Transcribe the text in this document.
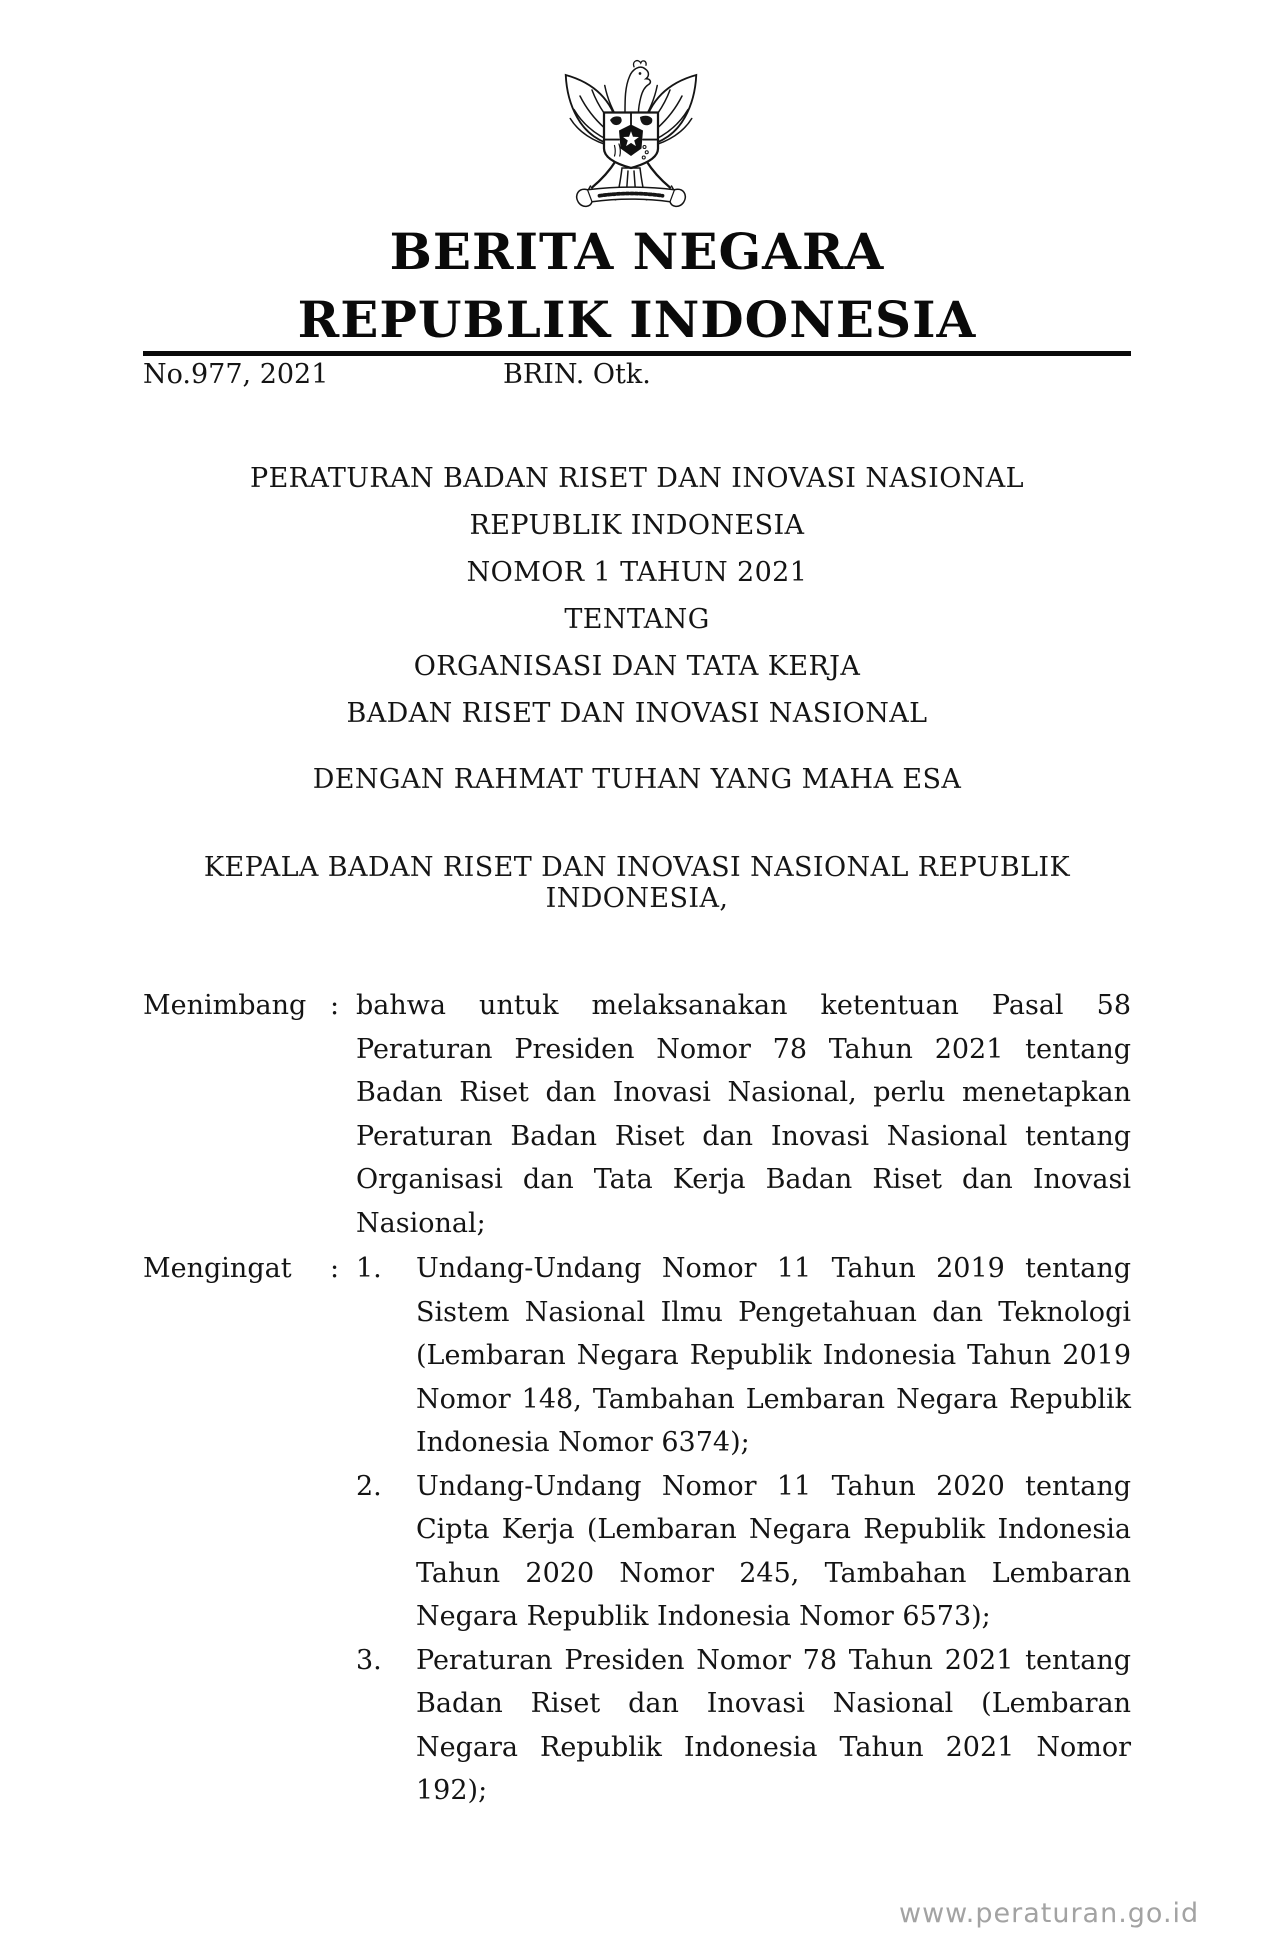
BERITA NEGARA
REPUBLIK INDONESIA
No.977, 2021	BRIN. Otk.
PERATURAN BADAN RISET DAN INOVASI NASIONAL
REPUBLIK INDONESIA
NOMOR 1 TAHUN 2021
TENTANG
ORGANISASI DAN TATA KERJA
BADAN RISET DAN INOVASI NASIONAL
DENGAN RAHMAT TUHAN YANG MAHA ESA
KEPALA BADAN RISET DAN INOVASI NASIONAL REPUBLIK INDONESIA,
Menimbang : bahwa untuk melaksanakan ketentuan Pasal 58 Peraturan Presiden Nomor 78 Tahun 2021 tentang Badan Riset dan Inovasi Nasional, perlu menetapkan Peraturan Badan Riset dan Inovasi Nasional tentang Organisasi dan Tata Kerja Badan Riset dan Inovasi Nasional;
Mengingat	: 1.	Undang-Undang Nomor 11 Tahun 2019 tentang Sistem Nasional Ilmu Pengetahuan dan Teknologi (Lembaran Negara Republik Indonesia Tahun 2019 Nomor 148, Tambahan Lembaran Negara Republik Indonesia Nomor 6374);
2.	Undang-Undang Nomor 11 Tahun 2020 tentang Cipta Kerja (Lembaran Negara Republik Indonesia Tahun 2020 Nomor 245, Tambahan Lembaran Negara Republik Indonesia Nomor 6573);
3.	Peraturan Presiden Nomor 78 Tahun 2021 tentang Badan Riset dan Inovasi Nasional (Lembaran Negara Republik Indonesia Tahun 2021 Nomor 192);
www.peraturan.go.id
